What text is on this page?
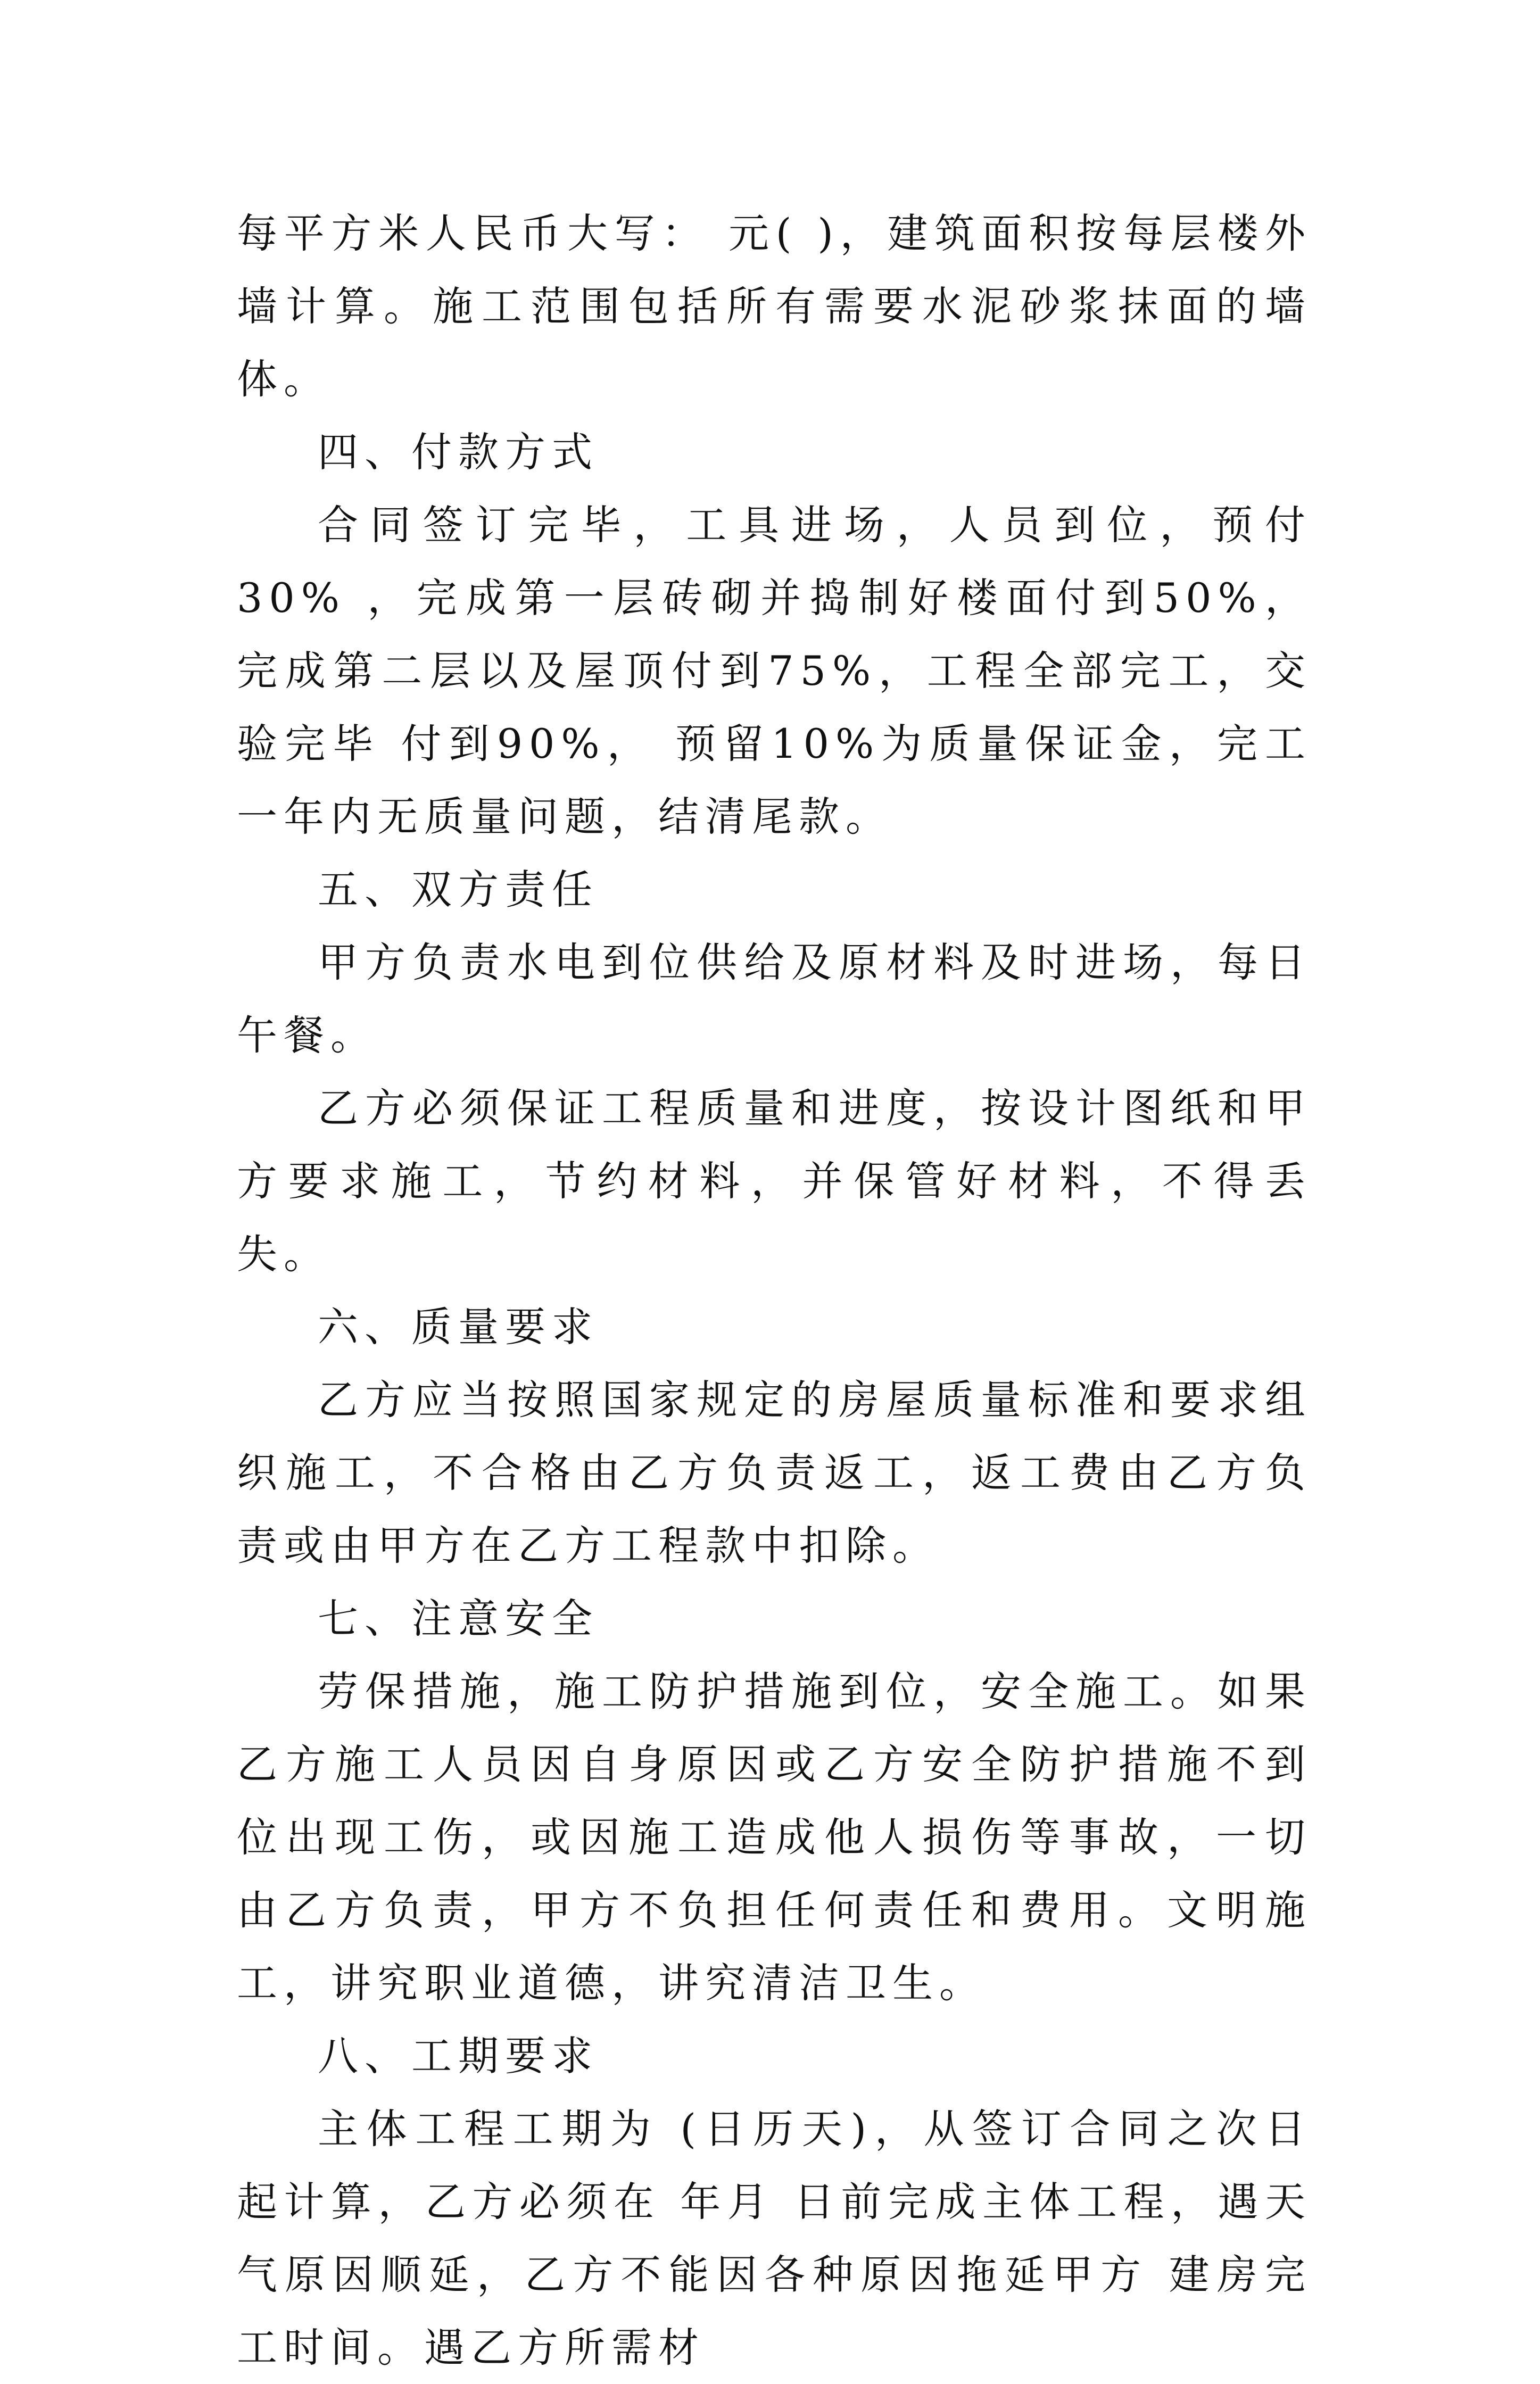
每平方米人民币大写： 元( )，建筑面积按每层楼外墙计算。施工范围包括所有需要水泥砂浆抹面的墙体。

四、付款方式

合同签订完毕，工具进场，人员到位，预付30% ，完成第一层砖砌并捣制好楼面付到50%，完成第二层以及屋顶付到75%，工程全部完工，交验完毕 付到90%， 预留10%为质量保证金，完工一年内无质量问题，结清尾款。

五、双方责任

甲方负责水电到位供给及原材料及时进场，每日午餐。

乙方必须保证工程质量和进度，按设计图纸和甲方要求施工，节约材料，并保管好材料，不得丢失。

六、质量要求

乙方应当按照国家规定的房屋质量标准和要求组织施工，不合格由乙方负责返工，返工费由乙方负责或由甲方在乙方工程款中扣除。

七、注意安全

劳保措施，施工防护措施到位，安全施工。如果乙方施工人员因自身原因或乙方安全防护措施不到位出现工伤，或因施工造成他人损伤等事故，一切由乙方负责，甲方不负担任何责任和费用。文明施工，讲究职业道德，讲究清洁卫生。

八、工期要求

主体工程工期为 (日历天)，从签订合同之次日起计算，乙方必须在 年月 日前完成主体工程，遇天气原因顺延，乙方不能因各种原因拖延甲方 建房完工时间。遇乙方所需材
